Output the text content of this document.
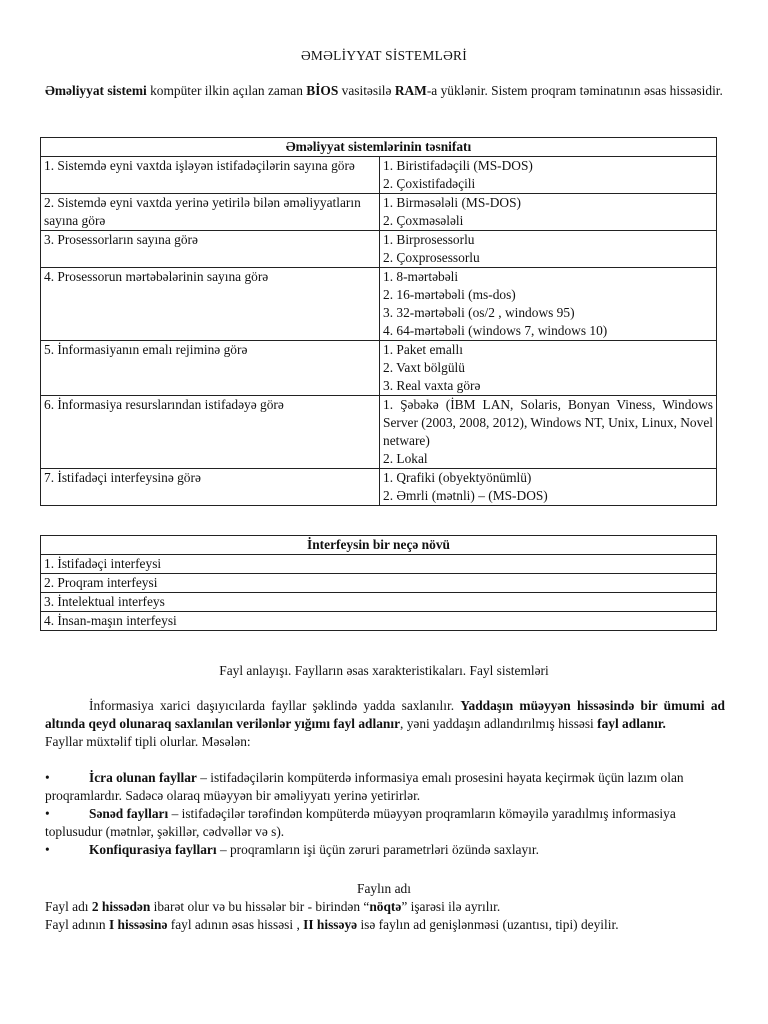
ƏMƏLİYYAT SİSTEMLƏRİ

Əməliyyat sistemi kompüter ilkin açılan zaman BİOS vasitəsilə RAM-a yüklənir. Sistem proqram təminatının əsas hissəsidir.

Əməliyyat sistemlərinin təsnifatı	
1. Sistemdə eyni vaxtda işləyən istifadəçilərin sayına görə	1. Biristifadəçili (MS-DOS)
2. Çoxistifadəçili

2. Sistemdə eyni vaxtda yerinə yetirilə bilən əməliyyatların sayına görə	1. Birməsələli (MS-DOS)
2. Çoxməsələli

3. Prosessorların sayına görə	1. Birprosessorlu
2. Çoxprosessorlu

4. Prosessorun mərtəbələrinin sayına görə	1. 8-mərtəbəli
2. 16-mərtəbəli (ms-dos)
3. 32-mərtəbəli (os/2 , windows 95)
4. 64-mərtəbəli (windows 7, windows 10)

5. İnformasiyanın emalı rejiminə görə	1. Paket emallı
2. Vaxt bölgülü
3. Real vaxta görə

6. İnformasiya resurslarından istifadəyə görə	1. Şəbəkə (İBM LAN, Solaris, Bonyan Viness, Windows Server (2003, 2008, 2012), Windows NT, Unix, Linux, Novel netware)
2. Lokal

7. İstifadəçi interfeysinə görə	1. Qrafiki (obyektyönümlü)
2. Əmrli (mətnli) – (MS-DOS)
İnterfeysin bir neçə növü
1. İstifadəçi interfeysi
2. Proqram interfeysi
3. İntelektual interfeys
4. İnsan-maşın interfeysi
Fayl anlayışı. Faylların əsas xarakteristikaları. Fayl sistemləri

İnformasiya xarici daşıyıcılarda fayllar şəklində yadda saxlanılır. Yaddaşın müəyyən hissəsində bir ümumi ad altında qeyd olunaraq saxlanılan verilənlər yığımı fayl adlanır, yəni yaddaşın adlandırılmış hissəsi fayl adlanır.

Fayllar müxtəlif tipli olurlar. Məsələn:

•	İcra olunan fayllar – istifadəçilərin kompüterdə informasiya emalı prosesini həyata keçirmək üçün lazım olan proqramlardır. Sadəcə olaraq müəyyən bir əməliyyatı yerinə yetirirlər.

•	Sənəd faylları – istifadəçilər tərəfindən kompüterdə müəyyən proqramların köməyilə yaradılmış informasiya toplusudur (mətnlər, şəkillər, cədvəllər və s).

•	Konfiqurasiya faylları – proqramların işi üçün zəruri parametrləri özündə saxlayır.

Faylın adı

Fayl adı 2 hissədən ibarət olur və bu hissələr bir - birindən “nöqtə” işarəsi ilə ayrılır.

Fayl adının I hissəsinə fayl adının əsas hissəsi , II hissəyə isə faylın ad genişlənməsi (uzantısı, tipi) deyilir.
